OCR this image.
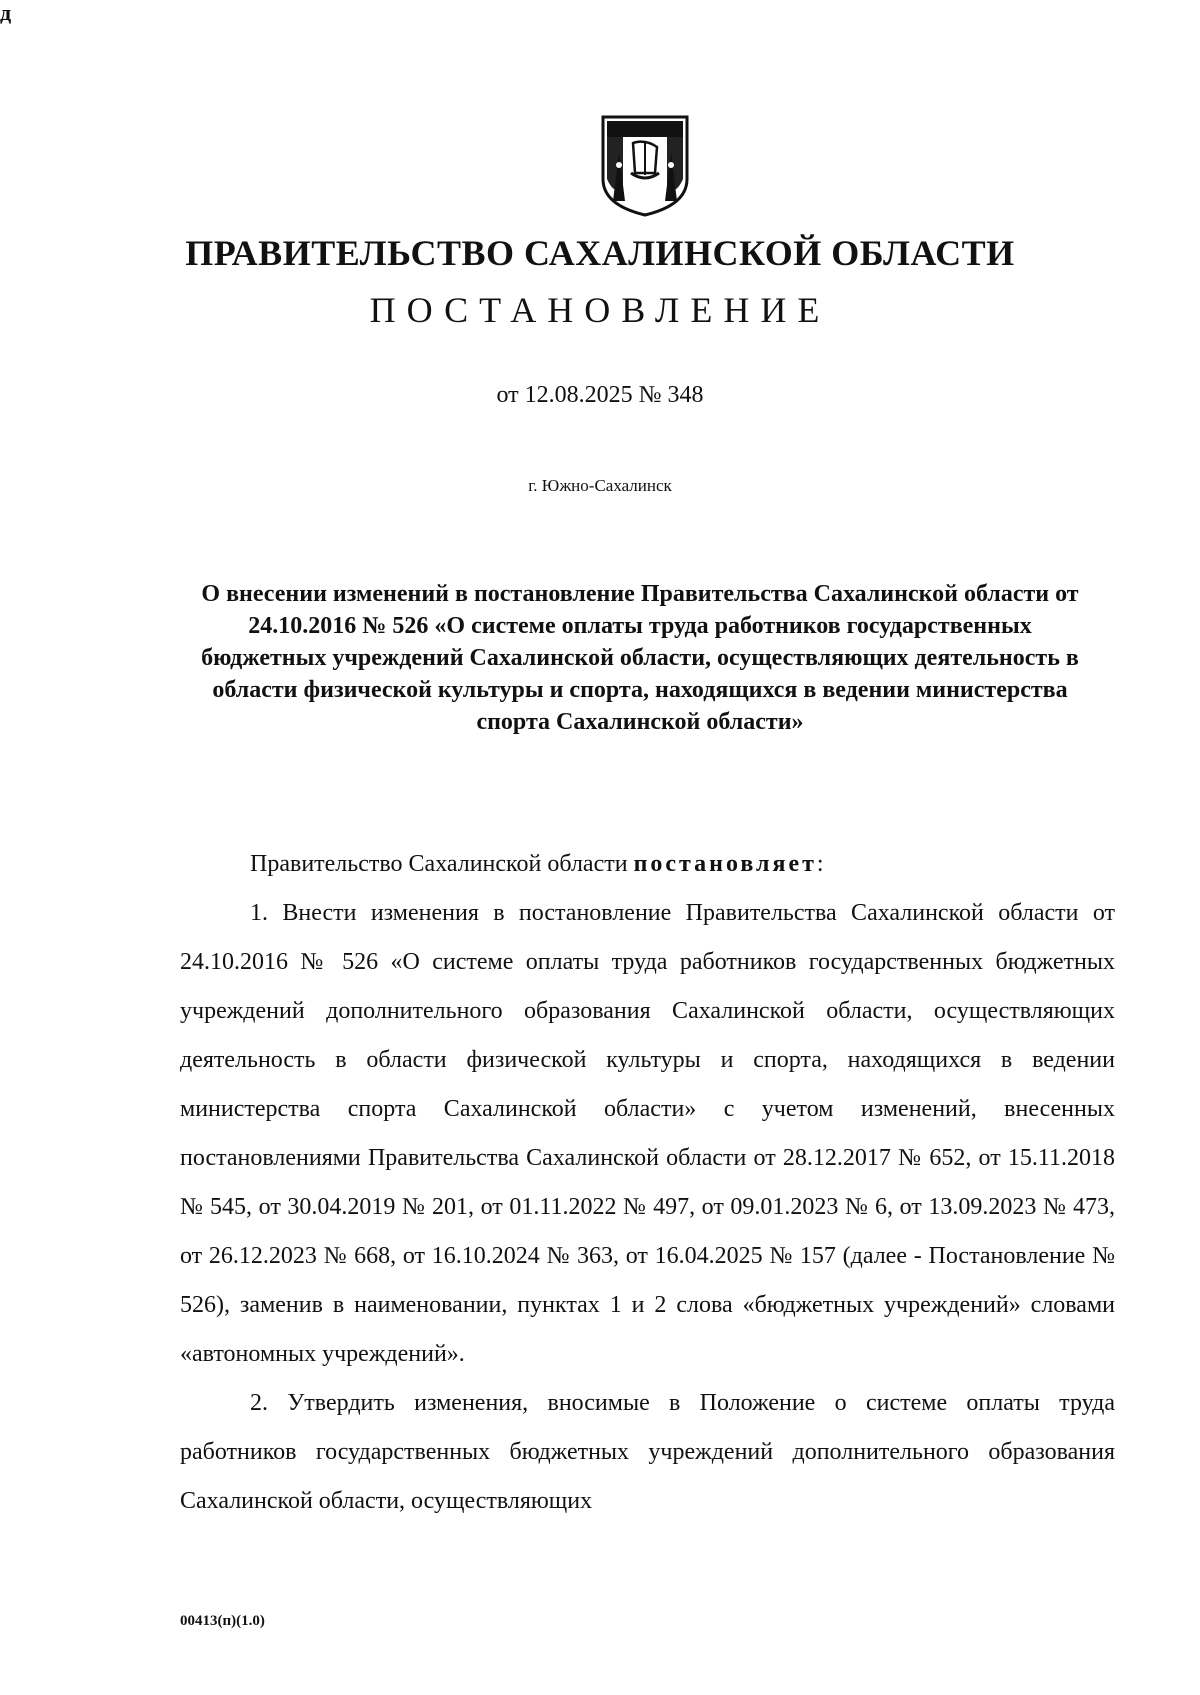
д
ПРАВИТЕЛЬСТВО САХАЛИНСКОЙ ОБЛАСТИ
ПОСТАНОВЛЕНИЕ
от 12.08.2025 № 348
г. Южно-Сахалинск
О внесении изменений в постановление Правительства Сахалинской области от 24.10.2016 № 526 «О системе оплаты труда работников государственных бюджетных учреждений Сахалинской области, осуществляющих деятельность в области физической культуры и спорта, находящихся в ведении министерства спорта Сахалинской области»

Правительство Сахалинской области постановляет:

1. Внести изменения в постановление Правительства Сахалинской области от 24.10.2016 № 526 «О системе оплаты труда работников государственных бюджетных учреждений дополнительного образования Сахалинской области, осуществляющих деятельность в области физической культуры и спорта, находящихся в ведении министерства спорта Сахалинской области» с учетом изменений, внесенных постановлениями Правительства Сахалинской области от 28.12.2017 № 652, от 15.11.2018 № 545, от 30.04.2019 № 201, от 01.11.2022 № 497, от 09.01.2023 № 6, от 13.09.2023 № 473, от 26.12.2023 № 668, от 16.10.2024 № 363, от 16.04.2025 № 157 (далее - Постановление № 526), заменив в наименовании, пунктах 1 и 2 слова «бюджетных учреждений» словами «автономных учреждений».

2. Утвердить изменения, вносимые в Положение о системе оплаты труда работников государственных бюджетных учреждений дополнительного образования Сахалинской области, осуществляющих

00413(п)(1.0)
